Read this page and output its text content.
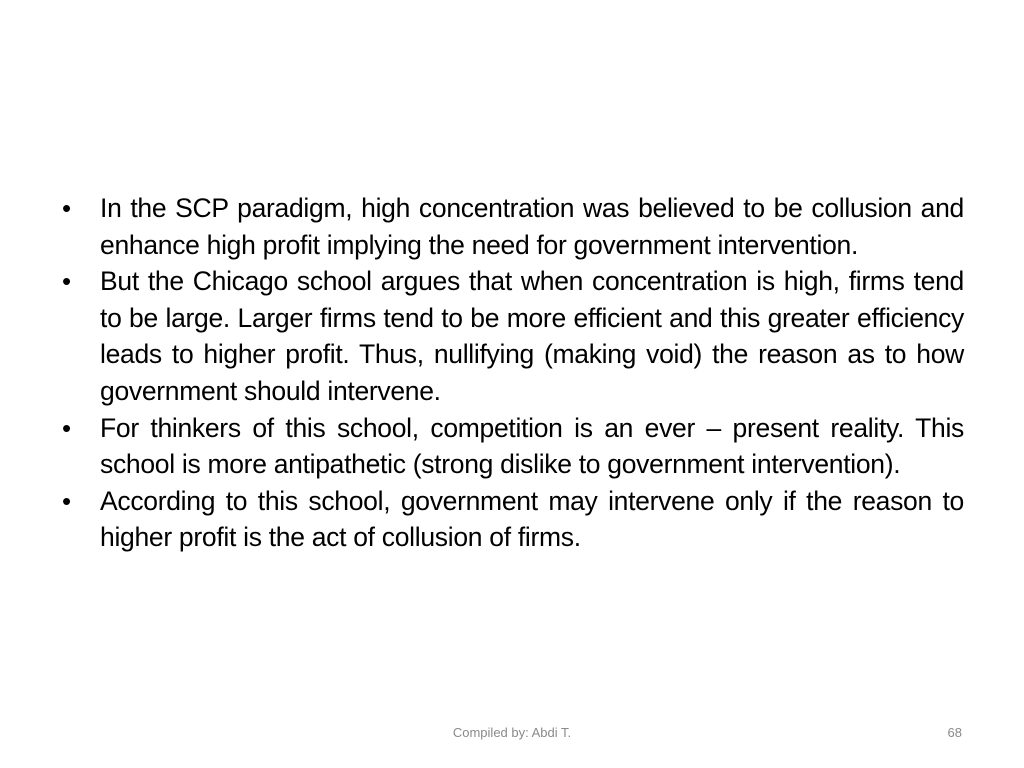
• In the SCP paradigm, high concentration was believed to be collusion and enhance high profit implying the need for government intervention.
• But the Chicago school argues that when concentration is high, firms tend to be large. Larger firms tend to be more efficient and this greater efficiency leads to higher profit. Thus, nullifying (making void) the reason as to how government should intervene.
• For thinkers of this school, competition is an ever – present reality. This school is more antipathetic (strong dislike to government intervention).
• According to this school, government may intervene only if the reason to higher profit is the act of collusion of firms.
Compiled by: Abdi T.	68
